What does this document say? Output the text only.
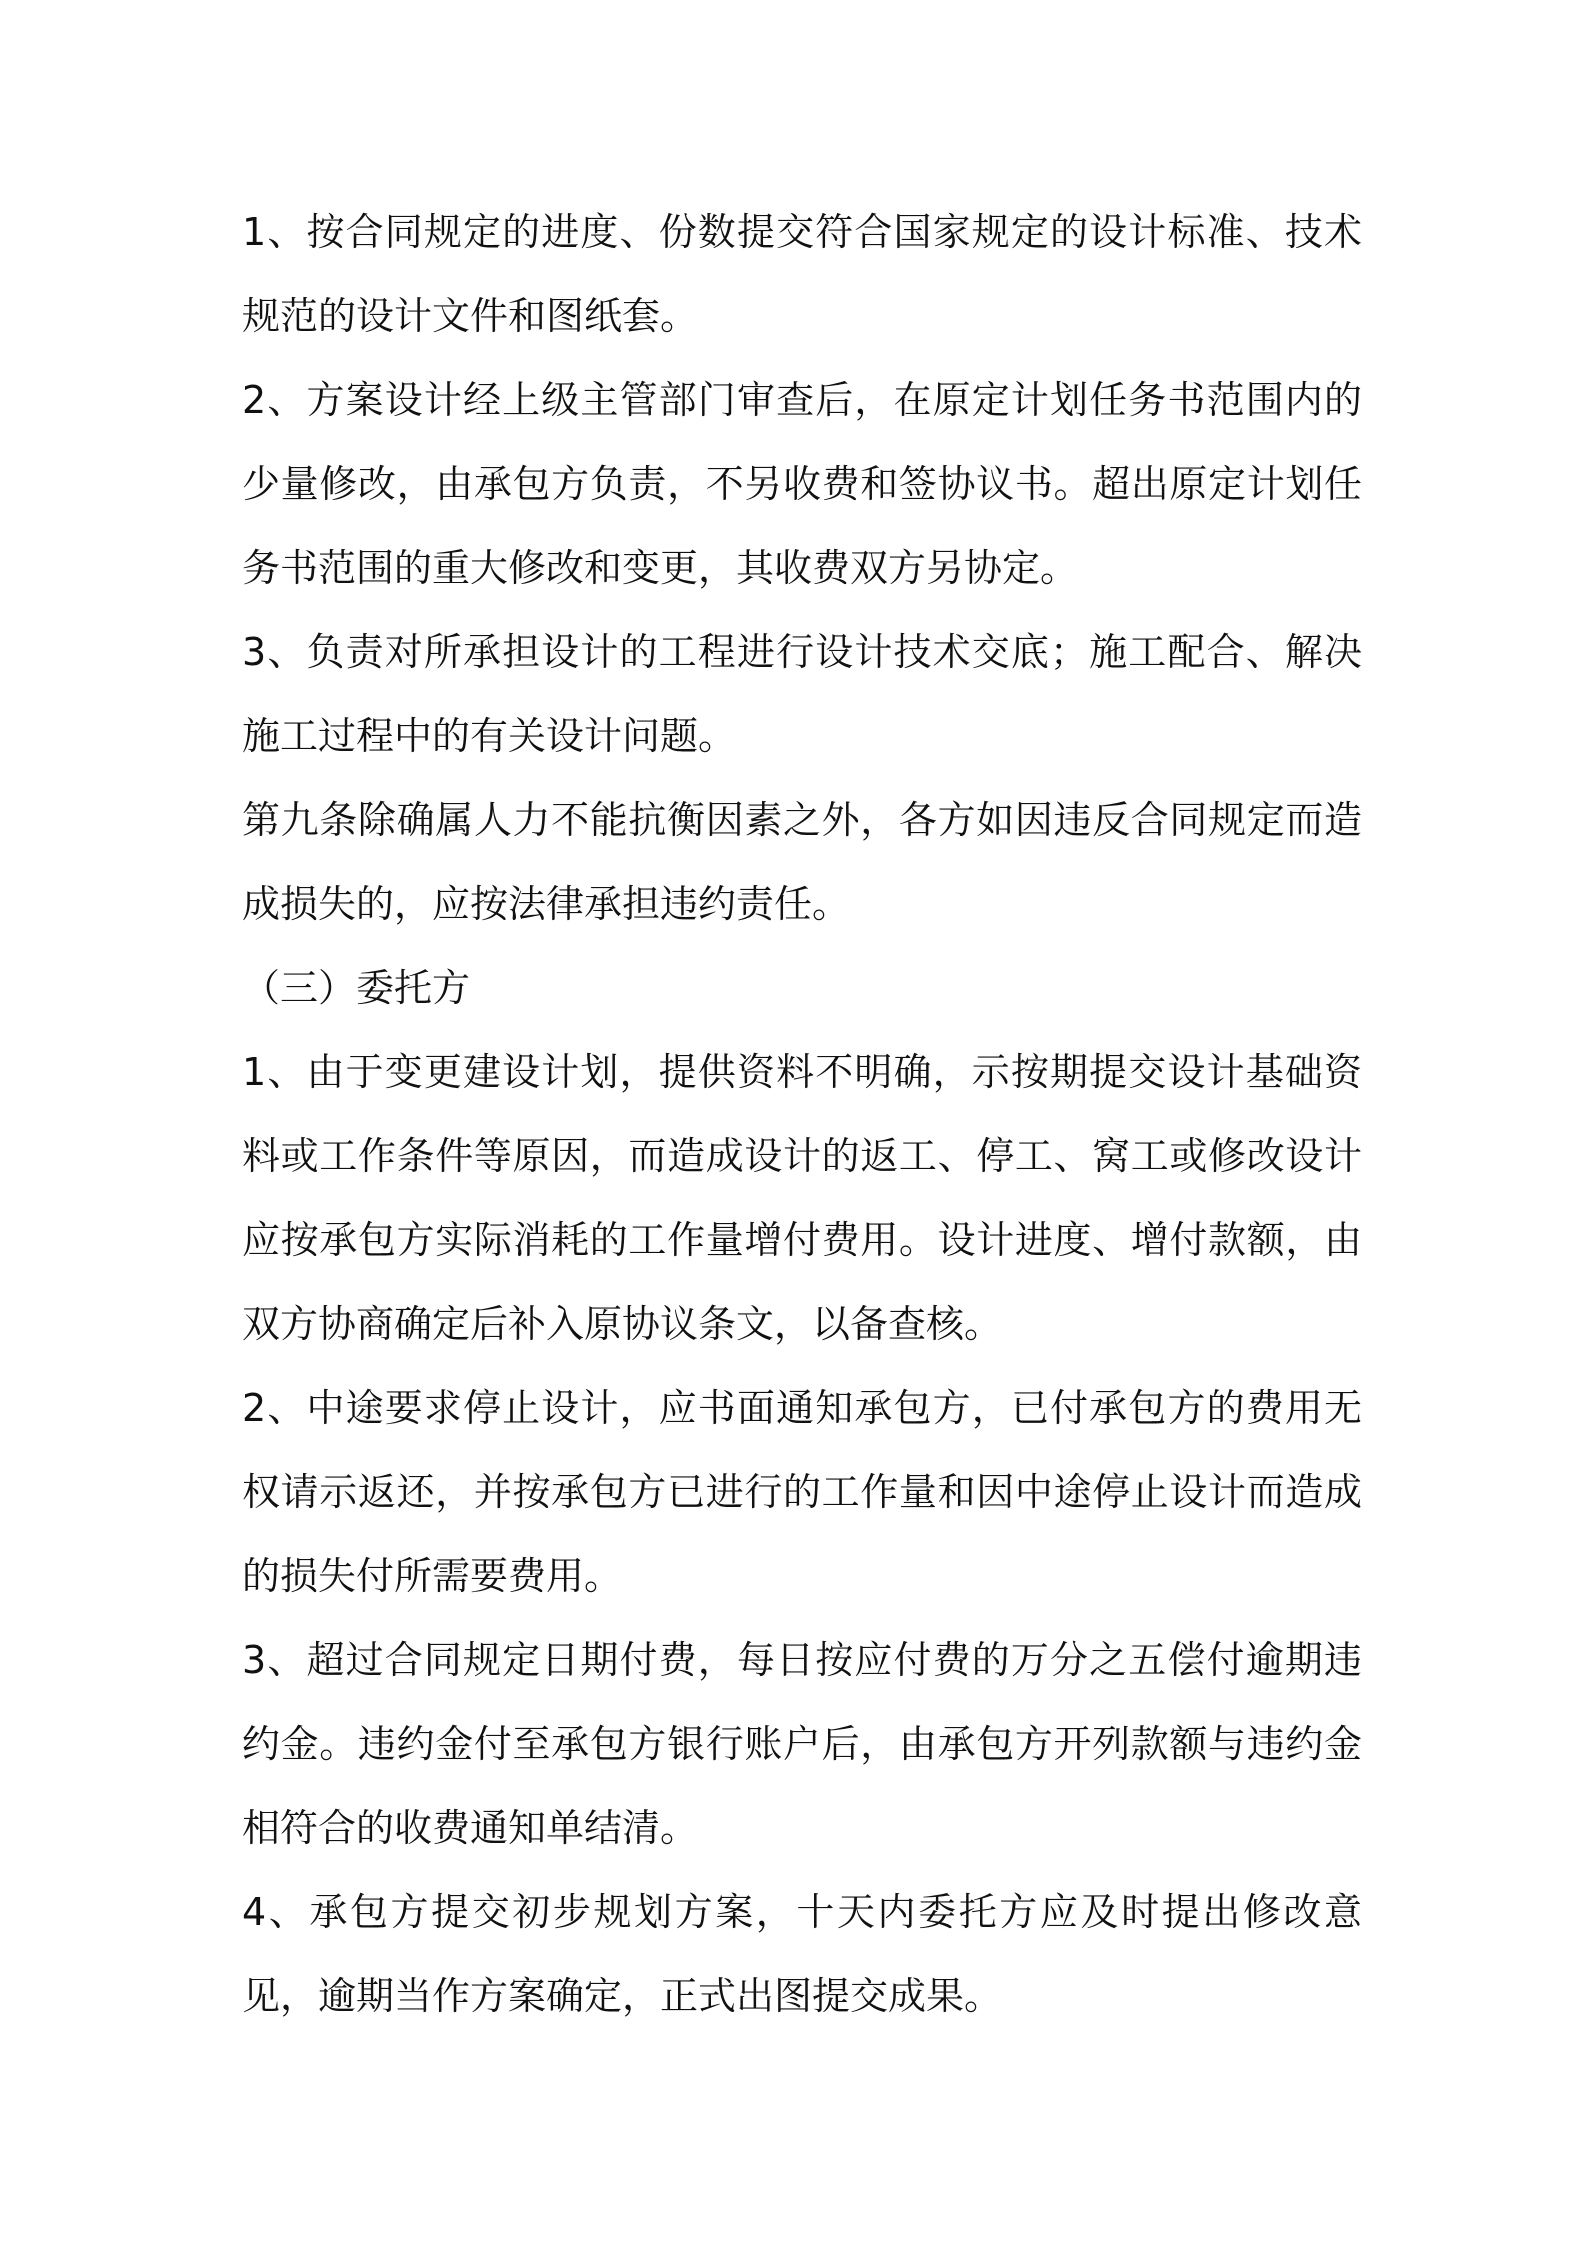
1、按合同规定的进度、份数提交符合国家规定的设计标准、技术规范的设计文件和图纸套。

2、方案设计经上级主管部门审查后，在原定计划任务书范围内的少量修改，由承包方负责，不另收费和签协议书。超出原定计划任务书范围的重大修改和变更，其收费双方另协定。

3、负责对所承担设计的工程进行设计技术交底；施工配合、解决施工过程中的有关设计问题。

第九条除确属人力不能抗衡因素之外，各方如因违反合同规定而造成损失的，应按法律承担违约责任。

（三）委托方

1、由于变更建设计划，提供资料不明确，示按期提交设计基础资料或工作条件等原因，而造成设计的返工、停工、窝工或修改设计应按承包方实际消耗的工作量增付费用。设计进度、增付款额，由双方协商确定后补入原协议条文，以备查核。

2、中途要求停止设计，应书面通知承包方，已付承包方的费用无权请示返还，并按承包方已进行的工作量和因中途停止设计而造成的损失付所需要费用。

3、超过合同规定日期付费，每日按应付费的万分之五偿付逾期违约金。违约金付至承包方银行账户后，由承包方开列款额与违约金相符合的收费通知单结清。

4、承包方提交初步规划方案，十天内委托方应及时提出修改意见，逾期当作方案确定，正式出图提交成果。
